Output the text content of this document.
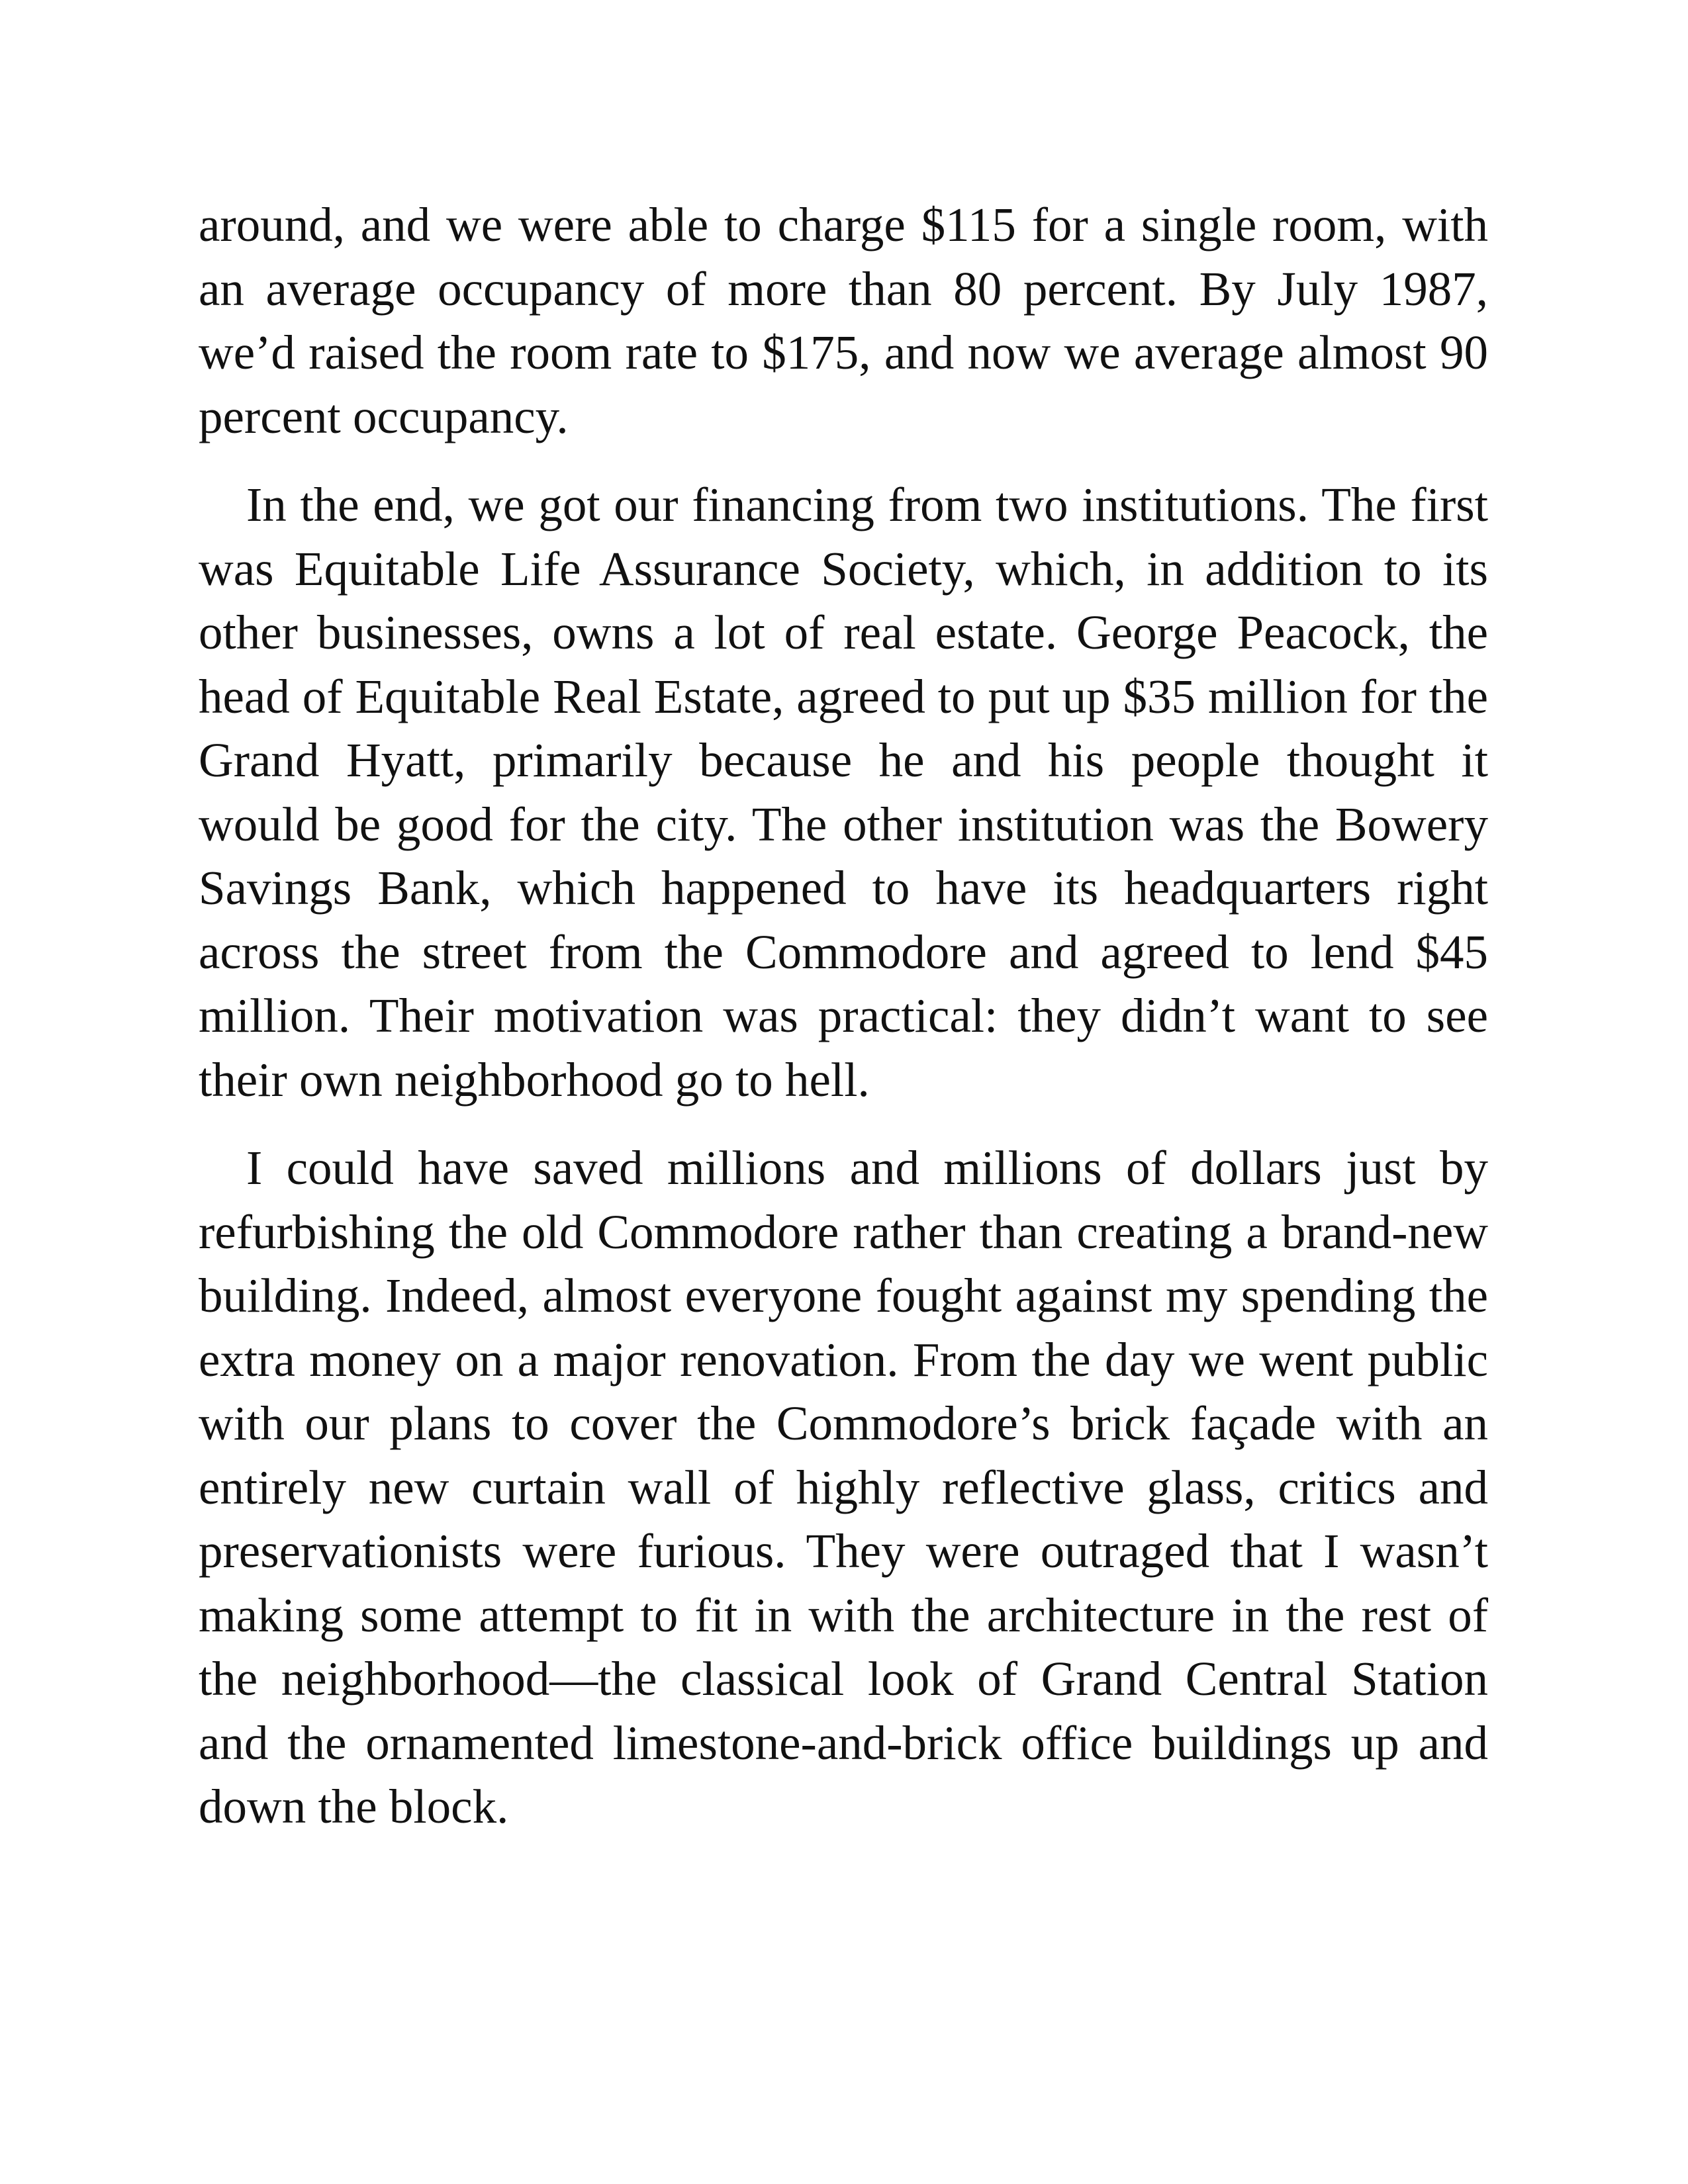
around, and we were able to charge $115 for a single room, with an average occupancy of more than 80 percent. By July 1987, we’d raised the room rate to $175, and now we average almost 90 percent occupancy.

In the end, we got our financing from two institutions. The first was Equitable Life Assurance Society, which, in addition to its other businesses, owns a lot of real estate. George Peacock, the head of Equitable Real Estate, agreed to put up $35 million for the Grand Hyatt, primarily because he and his people thought it would be good for the city. The other institution was the Bowery Savings Bank, which happened to have its headquarters right across the street from the Commodore and agreed to lend $45 million. Their motivation was practical: they didn’t want to see their own neighborhood go to hell.

I could have saved millions and millions of dollars just by refurbishing the old Commodore rather than creating a brand-new building. Indeed, almost everyone fought against my spending the extra money on a major renovation. From the day we went public with our plans to cover the Commodore’s brick façade with an entirely new curtain wall of highly reflective glass, critics and preservationists were furious. They were outraged that I wasn’t making some attempt to fit in with the architecture in the rest of the neighborhood—the classical look of Grand Central Station and the ornamented limestone-and-brick office buildings up and down the block.
